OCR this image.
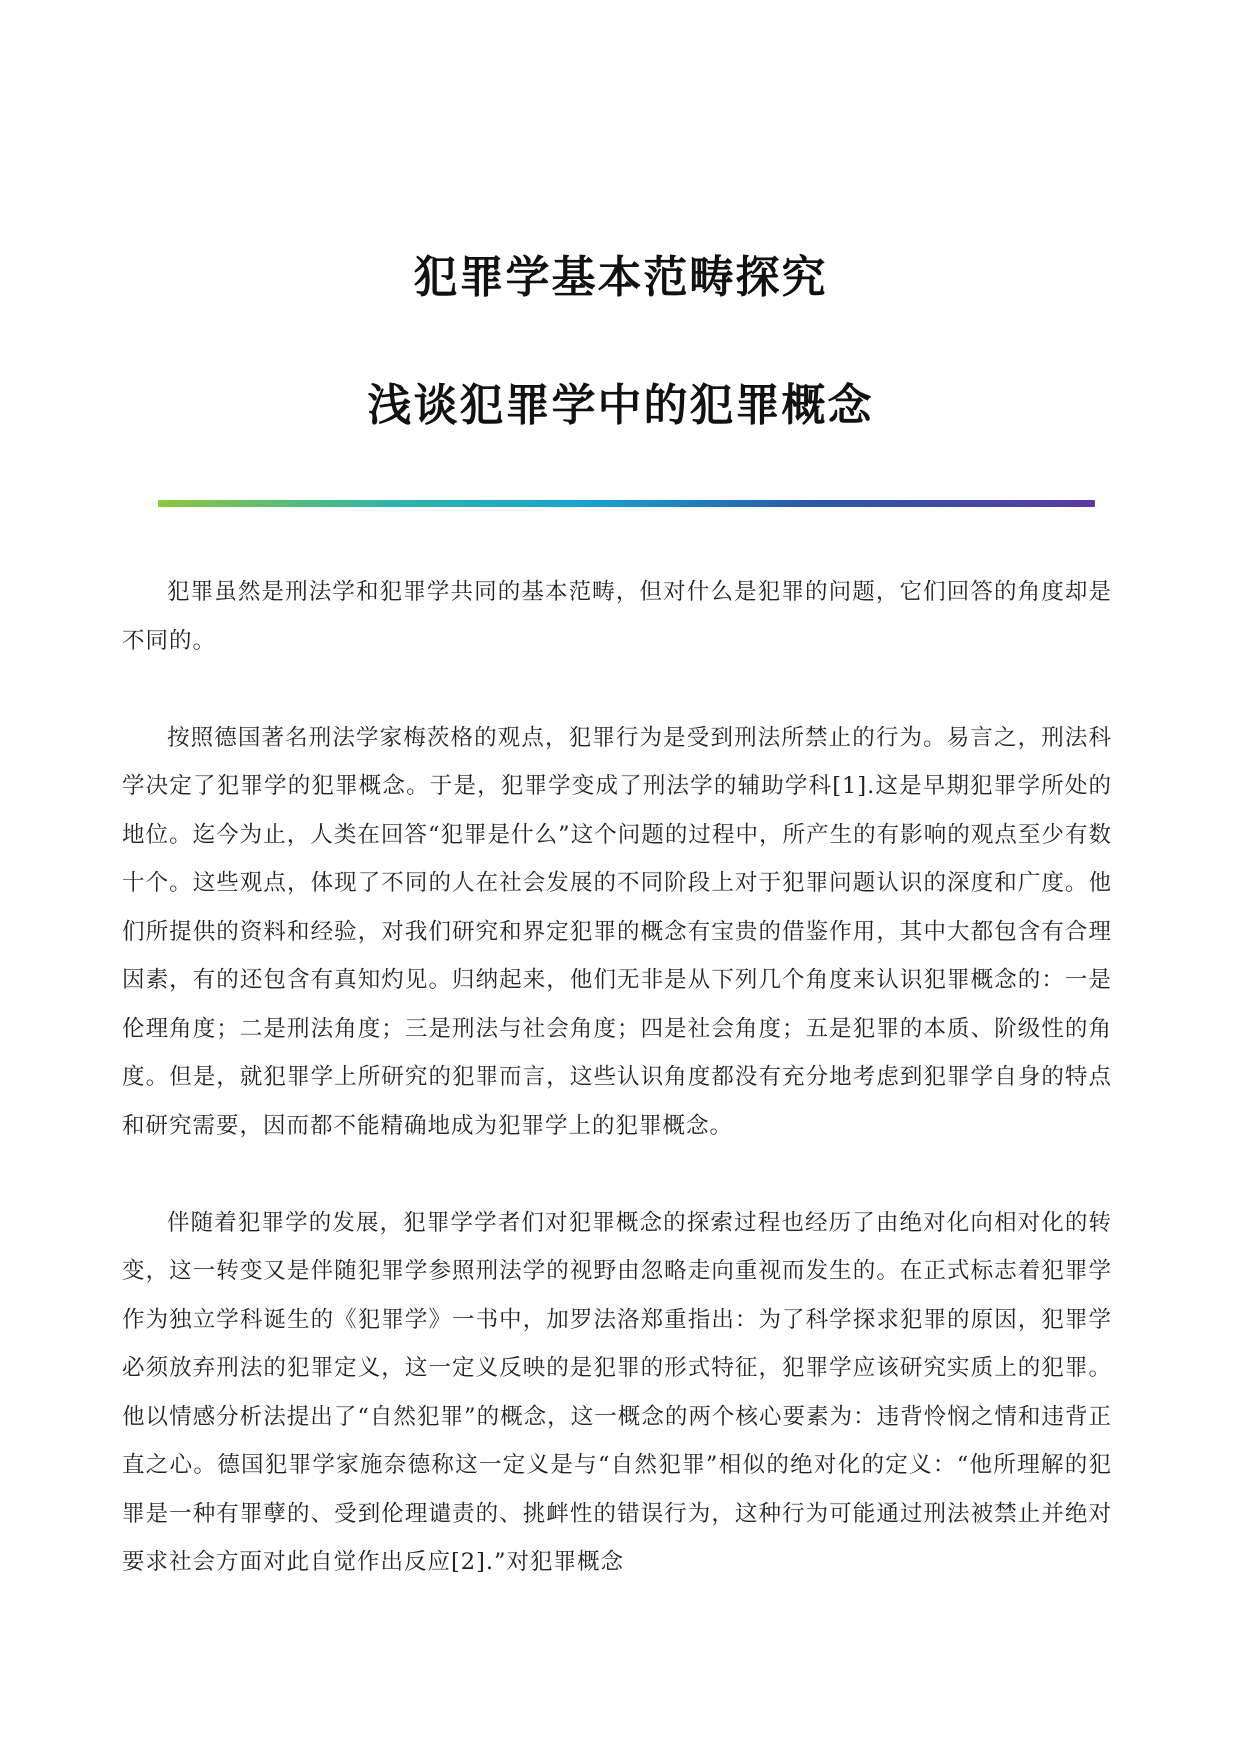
犯罪学基本范畴探究
浅谈犯罪学中的犯罪概念

犯罪虽然是刑法学和犯罪学共同的基本范畴，但对什么是犯罪的问题，它们回答的角度却是不同的。

按照德国著名刑法学家梅茨格的观点，犯罪行为是受到刑法所禁止的行为。易言之，刑法科学决定了犯罪学的犯罪概念。于是，犯罪学变成了刑法学的辅助学科[1].这是早期犯罪学所处的地位。迄今为止，人类在回答“犯罪是什么”这个问题的过程中，所产生的有影响的观点至少有数十个。这些观点，体现了不同的人在社会发展的不同阶段上对于犯罪问题认识的深度和广度。他们所提供的资料和经验，对我们研究和界定犯罪的概念有宝贵的借鉴作用，其中大都包含有合理因素，有的还包含有真知灼见。归纳起来，他们无非是从下列几个角度来认识犯罪概念的：一是伦理角度；二是刑法角度；三是刑法与社会角度；四是社会角度；五是犯罪的本质、阶级性的角度。但是，就犯罪学上所研究的犯罪而言，这些认识角度都没有充分地考虑到犯罪学自身的特点和研究需要，因而都不能精确地成为犯罪学上的犯罪概念。

伴随着犯罪学的发展，犯罪学学者们对犯罪概念的探索过程也经历了由绝对化向相对化的转变，这一转变又是伴随犯罪学参照刑法学的视野由忽略走向重视而发生的。在正式标志着犯罪学作为独立学科诞生的《犯罪学》一书中，加罗法洛郑重指出：为了科学探求犯罪的原因，犯罪学必须放弃刑法的犯罪定义，这一定义反映的是犯罪的形式特征，犯罪学应该研究实质上的犯罪。他以情感分析法提出了“自然犯罪”的概念，这一概念的两个核心要素为：违背怜悯之情和违背正直之心。德国犯罪学家施奈德称这一定义是与“自然犯罪”相似的绝对化的定义：“他所理解的犯罪是一种有罪孽的、受到伦理谴责的、挑衅性的错误行为，这种行为可能通过刑法被禁止并绝对要求社会方面对此自觉作出反应[2].”对犯罪概念
